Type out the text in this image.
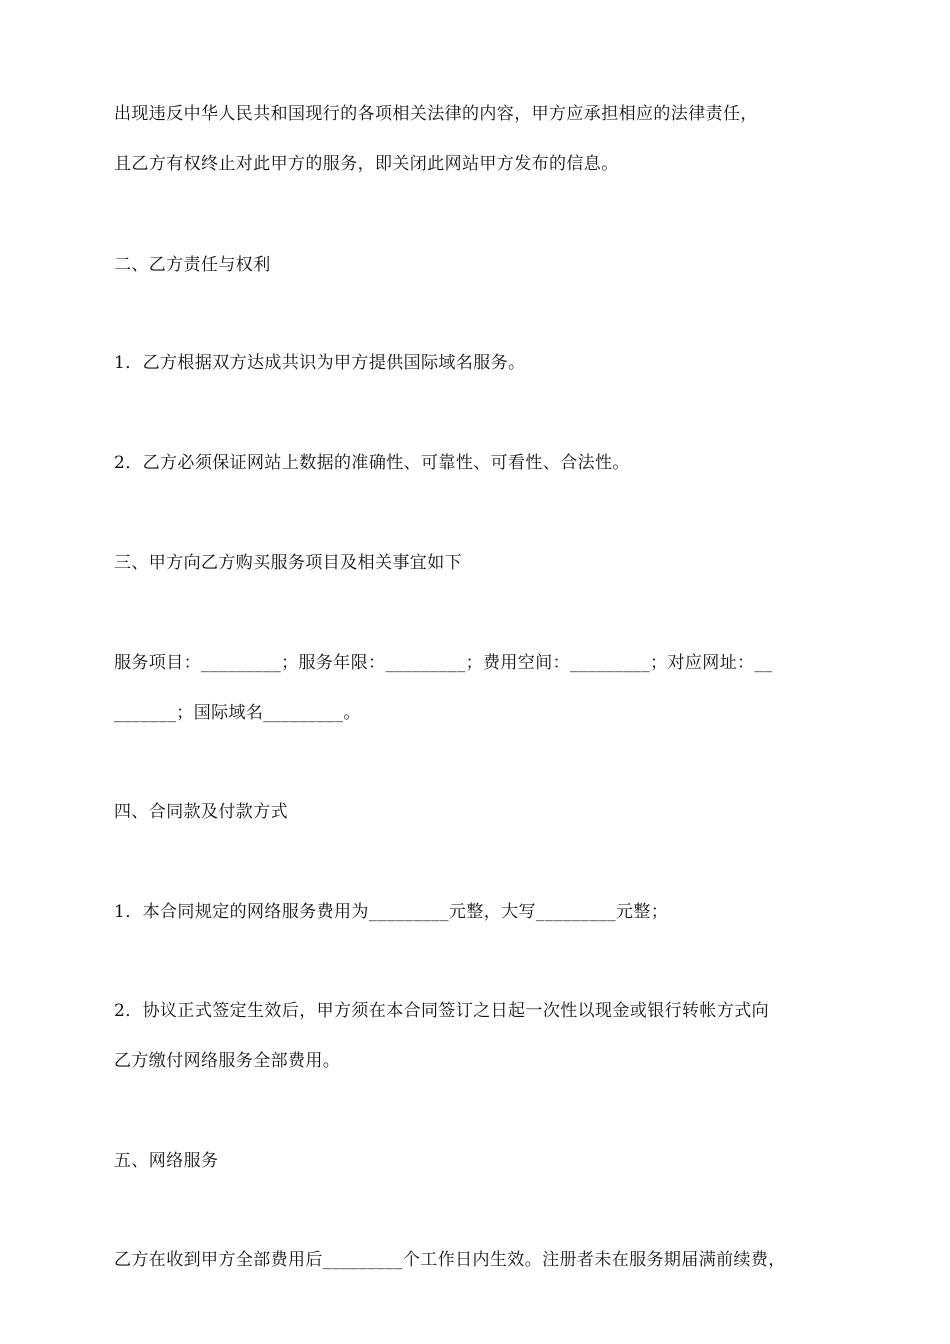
出现违反中华人民共和国现行的各项相关法律的内容，甲方应承担相应的法律责任，
且乙方有权终止对此甲方的服务，即关闭此网站甲方发布的信息。
二、乙方责任与权利
1．乙方根据双方达成共识为甲方提供国际域名服务。
2．乙方必须保证网站上数据的准确性、可靠性、可看性、合法性。
三、甲方向乙方购买服务项目及相关事宜如下
服务项目：_________；服务年限：_________；费用空间：_________；对应网址：__
_______；国际域名_________。
四、合同款及付款方式
1．本合同规定的网络服务费用为_________元整，大写_________元整；
2．协议正式签定生效后，甲方须在本合同签订之日起一次性以现金或银行转帐方式向
乙方缴付网络服务全部费用。
五、网络服务
乙方在收到甲方全部费用后_________个工作日内生效。注册者未在服务期届满前续费，
